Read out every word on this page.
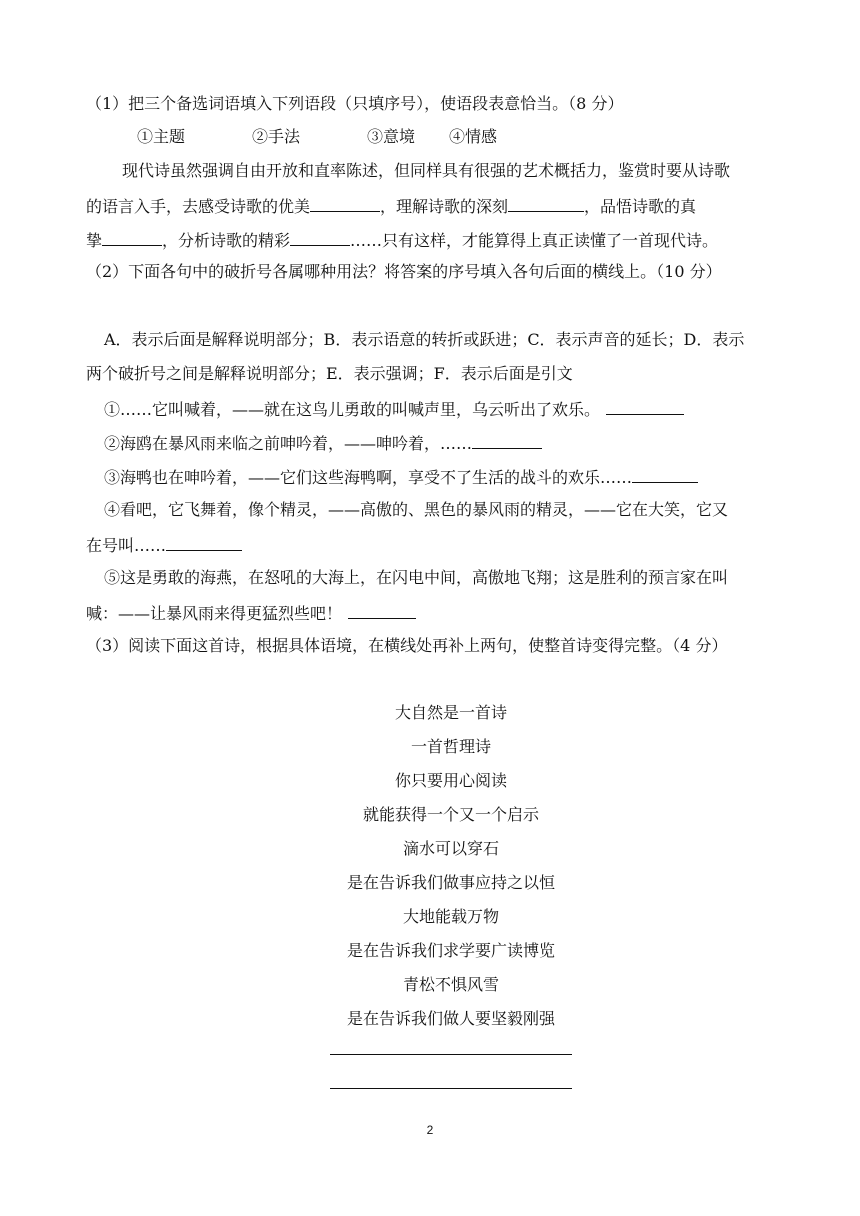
（1）把三个备选词语填入下列语段（只填序号），使语段表意恰当。（8 分）
①主题	②手法	③意境 ④情感
现代诗虽然强调自由开放和直率陈述，但同样具有很强的艺术概括力，鉴赏时要从诗歌
的语言入手，去感受诗歌的优美	，理解诗歌的深刻	，品悟诗歌的真
挚	，分析诗歌的精彩	……只有这样，才能算得上真正读懂了一首现代诗。
（2）下面各句中的破折号各属哪种用法？将答案的序号填入各句后面的横线上。（10 分）
A．表示后面是解释说明部分；B．表示语意的转折或跃进；C．表示声音的延长；D．表示
两个破折号之间是解释说明部分；E．表示强调；F．表示后面是引文
①……它叫喊着，——就在这鸟儿勇敢的叫喊声里，乌云听出了欢乐。
②海鸥在暴风雨来临之前呻吟着，——呻吟着，……
③海鸭也在呻吟着，——它们这些海鸭啊，享受不了生活的战斗的欢乐……
④看吧，它飞舞着，像个精灵，——高傲的、黑色的暴风雨的精灵，——它在大笑，它又
在号叫……
⑤这是勇敢的海燕，在怒吼的大海上，在闪电中间，高傲地飞翔；这是胜利的预言家在叫
喊：——让暴风雨来得更猛烈些吧！
（3）阅读下面这首诗，根据具体语境，在横线处再补上两句，使整首诗变得完整。（4 分）
大自然是一首诗
一首哲理诗
你只要用心阅读
就能获得一个又一个启示
滴水可以穿石
是在告诉我们做事应持之以恒
大地能载万物
是在告诉我们求学要广读博览
青松不惧风雪
是在告诉我们做人要坚毅刚强
2
